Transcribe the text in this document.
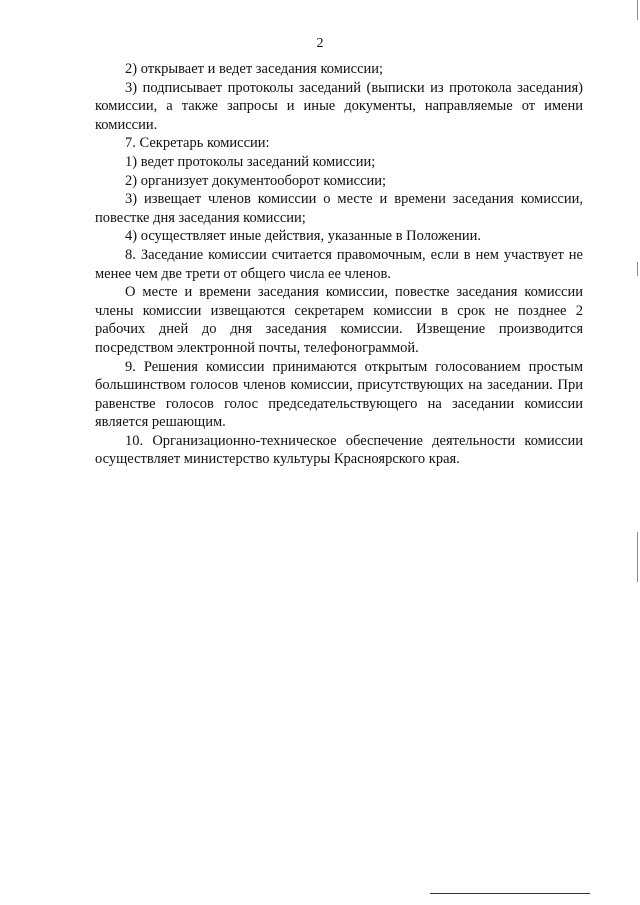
2

2) открывает и ведет заседания комиссии;

3) подписывает протоколы заседаний (выписки из протокола заседания) комиссии, а также запросы и иные документы, направляемые от имени комиссии.

7. Секретарь комиссии:

1) ведет протоколы заседаний комиссии;

2) организует документооборот комиссии;

3) извещает членов комиссии о месте и времени заседания комиссии, повестке дня заседания комиссии;

4) осуществляет иные действия, указанные в Положении.

8. Заседание комиссии считается правомочным, если в нем участвует не менее чем две трети от общего числа ее членов.

О месте и времени заседания комиссии, повестке заседания комиссии члены комиссии извещаются секретарем комиссии в срок не позднее 2 рабочих дней до дня заседания комиссии. Извещение производится посредством электронной почты, телефонограммой.

9. Решения комиссии принимаются открытым голосованием простым большинством голосов членов комиссии, присутствующих на заседании. При равенстве голосов голос председательствующего на заседании комиссии является решающим.

10. Организационно-техническое обеспечение деятельности комиссии осуществляет министерство культуры Красноярского края.
